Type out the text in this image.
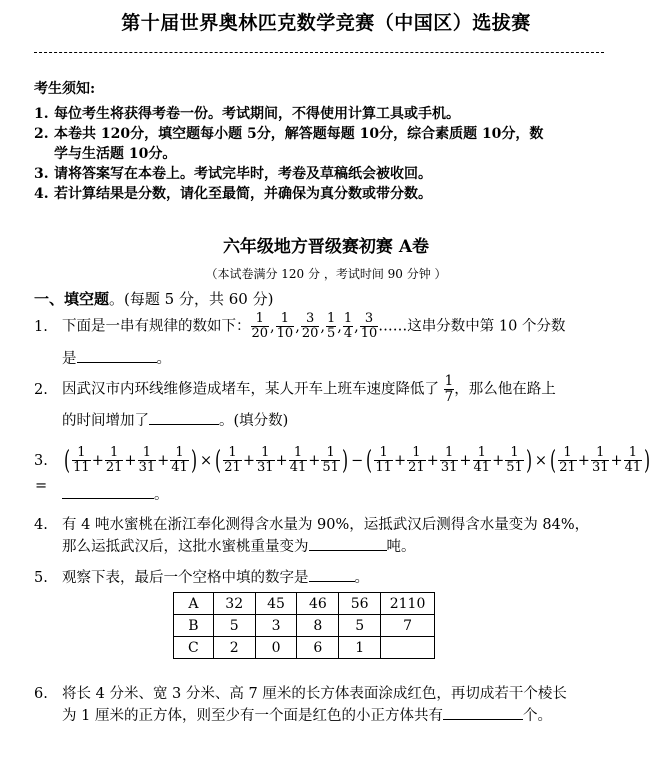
第十届世界奥林匹克数学竞赛（中国区）选拔赛
考生须知:
1. 每位考生将获得考卷一份。考试期间，不得使用计算工具或手机。
2. 本卷共 120分，填空题每小题 5分，解答题每题 10分，综合素质题 10分，数
学与生活题 10分。
3. 请将答案写在本卷上。考试完毕时，考卷及草稿纸会被收回。
4. 若计算结果是分数，请化至最简，并确保为真分数或带分数。
六年级地方晋级赛初赛 A卷
（本试卷满分 120 分 ，考试时间 90 分钟 ）
一、填空题。(每题 5 分，共 60 分)
1. 下面是一串有规律的数如下： $\frac{1}{20}$ , $\frac{1}{10}$ , $\frac{3}{20}$ , $\frac{1}{5}$ , $\frac{1}{4}$ , $\frac{3}{10}$ ……这串分数中第 10 个分数
是	。
2. 因武汉市内环线维修造成堵车，某人开车上班车速度降低了 $\frac{1}{7}$ ，那么他在路上
的时间增加了	。(填分数)
3. ( $\frac{1}{11} + \frac{1}{21} + \frac{1}{31} + \frac{1}{41}$ ) × ( $\frac{1}{21} + \frac{1}{31} + \frac{1}{41} + \frac{1}{51}$ ) − ( $\frac{1}{11} + \frac{1}{21} + \frac{1}{31} + \frac{1}{41} + \frac{1}{51}$ ) × ( $\frac{1}{21} + \frac{1}{31} + \frac{1}{41}$ )=
。
4. 有 4 吨水蜜桃在浙江奉化测得含水量为 90%，运抵武汉后测得含水量变为 84%，
那么运抵武汉后，这批水蜜桃重量变为	吨。
5. 观察下表，最后一个空格中填的数字是	。
A	32	45	46	56	2110
B	5	3	8	5	7
C	2	0	6	1	
6. 将长 4 分米、宽 3 分米、高 7 厘米的长方体表面涂成红色，再切成若干个棱长
为 1 厘米的正方体，则至少有一个面是红色的小正方体共有	个。
